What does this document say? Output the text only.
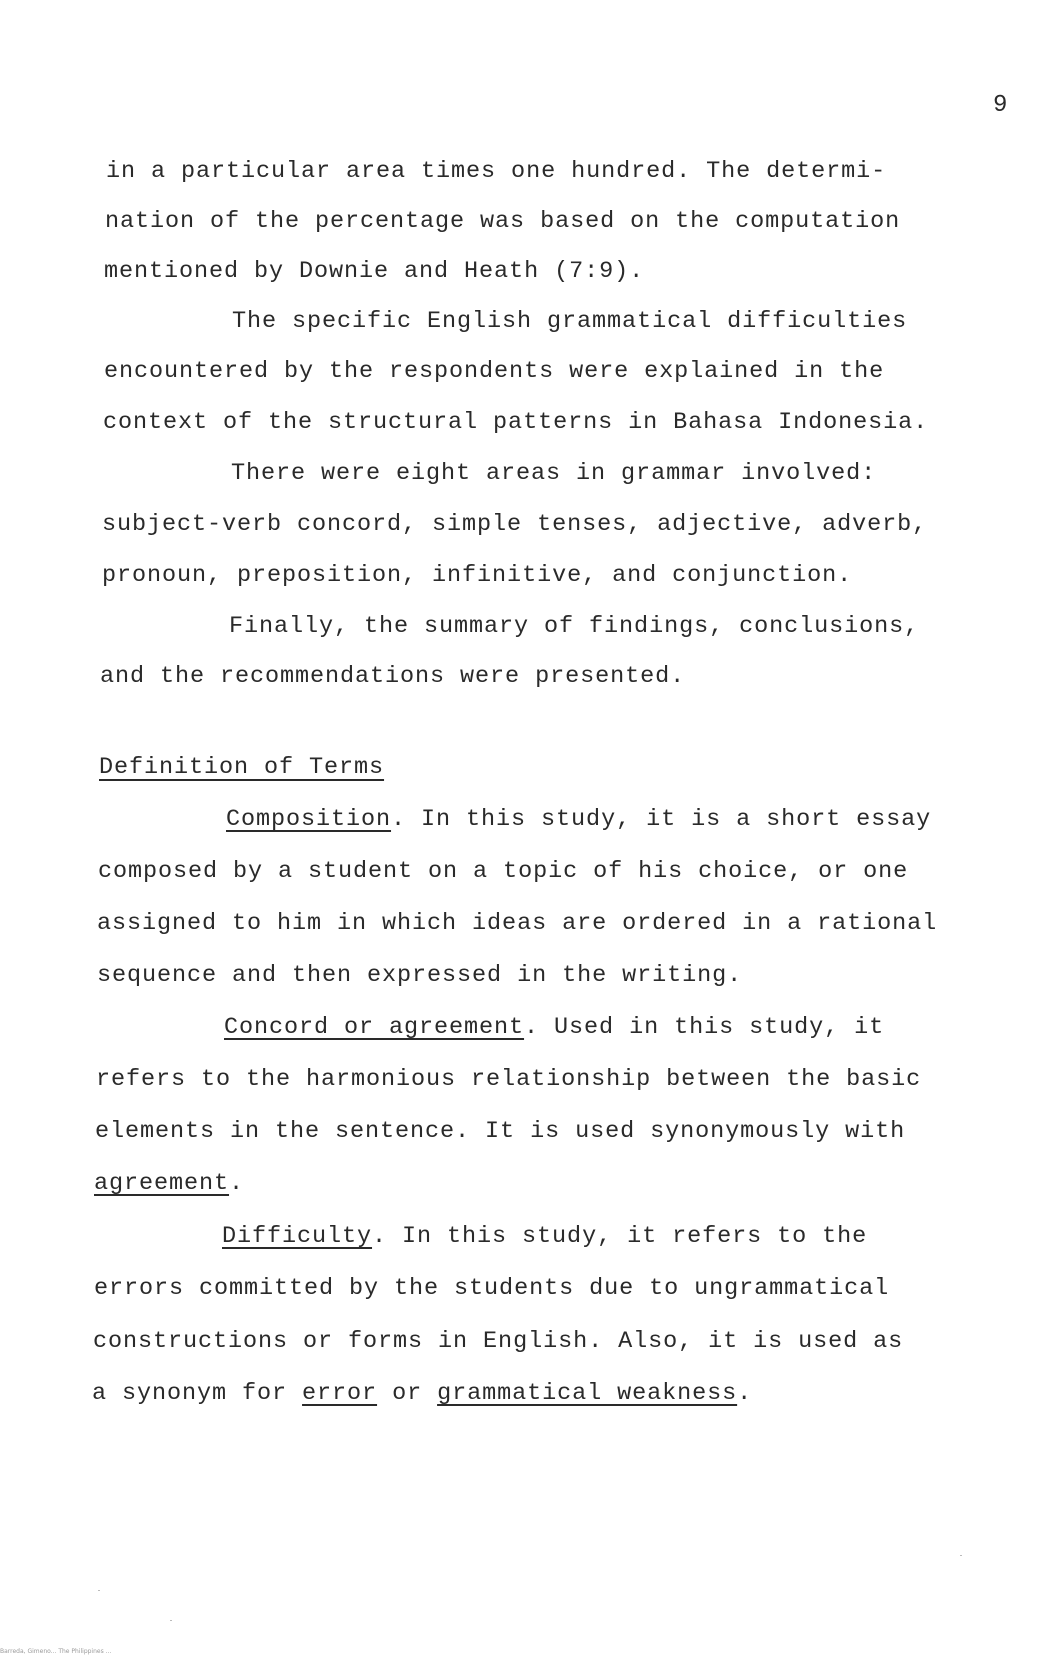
9
in a particular area times one hundred. The determi-
nation of the percentage was based on the computation
mentioned by Downie and Heath (7:9).
The specific English grammatical difficulties
encountered by the respondents were explained in the
context of the structural patterns in Bahasa Indonesia.
There were eight areas in grammar involved:
subject-verb concord, simple tenses, adjective, adverb,
pronoun, preposition, infinitive, and conjunction.
Finally, the summary of findings, conclusions,
and the recommendations were presented.
Definition of Terms
Composition. In this study, it is a short essay
composed by a student on a topic of his choice, or one
assigned to him in which ideas are ordered in a rational
sequence and then expressed in the writing.
Concord or agreement. Used in this study, it
refers to the harmonious relationship between the basic
elements in the sentence. It is used synonymously with
agreement.
Difficulty. In this study, it refers to the
errors committed by the students due to ungrammatical
constructions or forms in English. Also, it is used as
a synonym for error or grammatical weakness.
Barreda, Gimeno... The Philippines ...
